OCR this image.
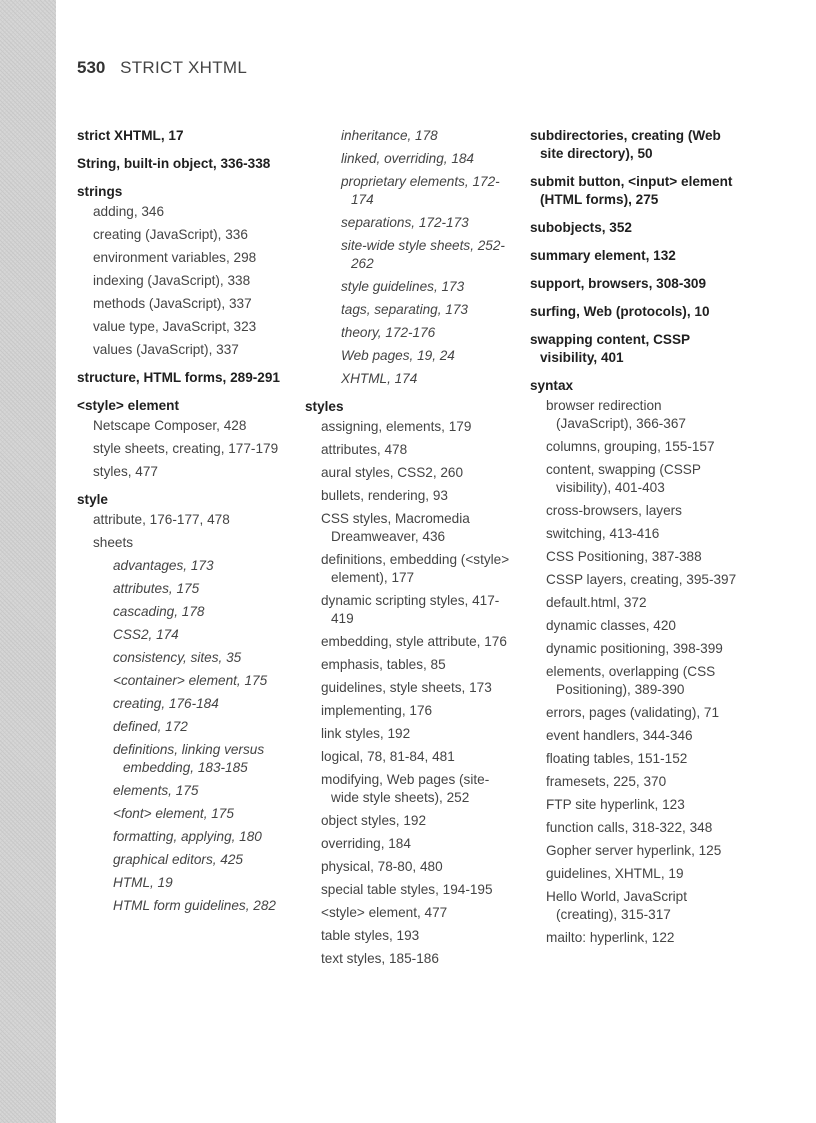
530 STRICT XHTML

strict XHTML, 17

String, built-in object, 336-338

strings

adding, 346

creating (JavaScript), 336

environment variables, 298

indexing (JavaScript), 338

methods (JavaScript), 337

value type, JavaScript, 323

values (JavaScript), 337

structure, HTML forms, 289-291

<style> element

Netscape Composer, 428

style sheets, creating, 177-179

styles, 477

style

attribute, 176-177, 478

sheets

advantages, 173

attributes, 175

cascading, 178

CSS2, 174

consistency, sites, 35

<container> element, 175

creating, 176-184

defined, 172

definitions, linking versus embedding, 183-185

elements, 175

<font> element, 175

formatting, applying, 180

graphical editors, 425

HTML, 19

HTML form guidelines, 282

inheritance, 178

linked, overriding, 184

proprietary elements, 172-174

separations, 172-173

site-wide style sheets, 252-262

style guidelines, 173

tags, separating, 173

theory, 172-176

Web pages, 19, 24

XHTML, 174

styles

assigning, elements, 179

attributes, 478

aural styles, CSS2, 260

bullets, rendering, 93

CSS styles, Macromedia Dreamweaver, 436

definitions, embedding (<style> element), 177

dynamic scripting styles, 417-419

embedding, style attribute, 176

emphasis, tables, 85

guidelines, style sheets, 173

implementing, 176

link styles, 192

logical, 78, 81-84, 481

modifying, Web pages (site-wide style sheets), 252

object styles, 192

overriding, 184

physical, 78-80, 480

special table styles, 194-195

<style> element, 477

table styles, 193

text styles, 185-186

subdirectories, creating (Web site directory), 50

submit button, <input> element (HTML forms), 275

subobjects, 352

summary element, 132

support, browsers, 308-309

surfing, Web (protocols), 10

swapping content, CSSP visibility, 401

syntax

browser redirection (JavaScript), 366-367

columns, grouping, 155-157

content, swapping (CSSP visibility), 401-403

cross-browsers, layers

switching, 413-416

CSS Positioning, 387-388

CSSP layers, creating, 395-397

default.html, 372

dynamic classes, 420

dynamic positioning, 398-399

elements, overlapping (CSS Positioning), 389-390

errors, pages (validating), 71

event handlers, 344-346

floating tables, 151-152

framesets, 225, 370

FTP site hyperlink, 123

function calls, 318-322, 348

Gopher server hyperlink, 125

guidelines, XHTML, 19

Hello World, JavaScript (creating), 315-317

mailto: hyperlink, 122
